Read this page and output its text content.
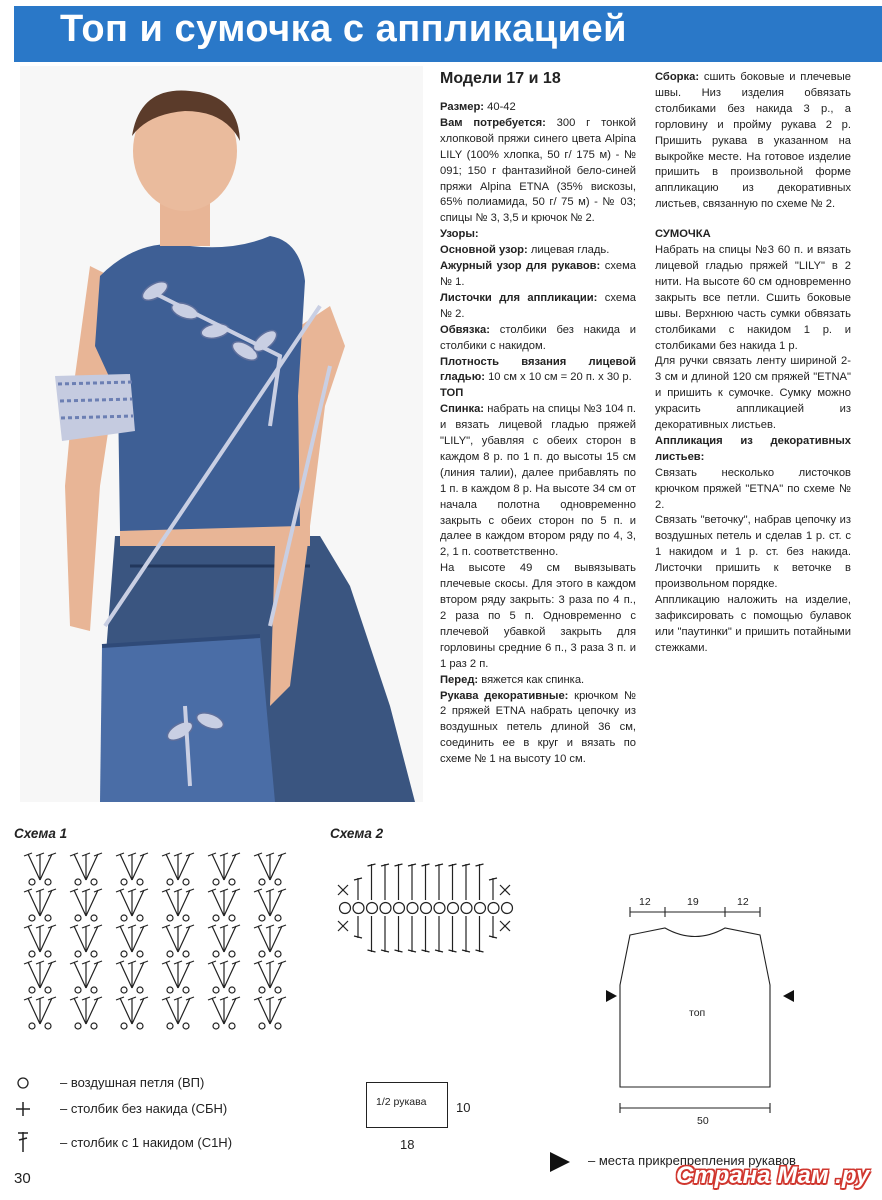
Топ и сумочка с аппликацией
Модели 17 и 18

Размер: 40-42

Вам потребуется: 300 г тонкой хлопковой пряжи синего цвета Alpina LILY (100% хлопка, 50 г/ 175 м) - № 091; 150 г фантазийной бело-синей пряжи Alpina ETNA (35% вискозы, 65% полиамида, 50 г/ 75 м) - № 03; спицы № 3, 3,5 и крючок № 2.

Узоры:

Основной узор: лицевая гладь.

Ажурный узор для рукавов: схема № 1.

Листочки для аппликации: схема № 2.

Обвязка: столбики без накида и столбики с накидом.

Плотность вязания лицевой гладью: 10 см х 10 см = 20 п. х 30 р.

ТОП

Спинка: набрать на спицы №3 104 п. и вязать лицевой гладью пряжей "LILY", убавляя с обеих сторон в каждом 8 р. по 1 п. до высоты 15 см (линия талии), далее прибавлять по 1 п. в каждом 8 р. На высоте 34 см от начала полотна одновременно закрыть с обеих сторон по 5 п. и далее в каждом втором ряду по 4, 3, 2, 1 п. соответственно.

На высоте 49 см вывязывать плечевые скосы. Для этого в каждом втором ряду закрыть: 3 раза по 4 п., 2 раза по 5 п. Одновременно с плечевой убавкой закрыть для горловины средние 6 п., 3 раза 3 п. и 1 раз 2 п.

Перед: вяжется как спинка.

Рукава декоративные: крючком № 2 пряжей ETNA набрать цепочку из воздушных петель длиной 36 см, соединить ее в круг и вязать по схеме № 1 на высоту 10 см.

Сборка: сшить боковые и плечевые швы. Низ изделия обвязать столбиками без накида 3 р., а горловину и пройму рукава 2 р. Пришить рукава в указанном на выкройке месте. На готовое изделие пришить в произвольной форме аппликацию из декоративных листьев, связанную по схеме № 2.

СУМОЧКА

Набрать на спицы №3 60 п. и вязать лицевой гладью пряжей "LILY" в 2 нити. На высоте 60 см одновременно закрыть все петли. Сшить боковые швы. Верхнюю часть сумки обвязать столбиками с накидом 1 р. и столбиками без накида 1 р.

Для ручки связать ленту шириной 2-3 см и длиной 120 см пряжей "ETNA" и пришить к сумочке. Сумку можно украсить аппликацией из декоративных листьев.

Аппликация из декоративных листьев:

Связать несколько листочков крючком пряжей "ETNA" по схеме № 2.

Связать "веточку", набрав цепочку из воздушных петель и сделав 1 р. ст. с 1 накидом и 1 р. ст. без накида. Листочки пришить к веточке в произвольном порядке.

Аппликацию наложить на изделие, зафиксировать с помощью булавок или "паутинки" и пришить потайными стежками.

Схема 1	Схема 2
12	19	12
топ
50
1/2 рукава 10
18
– воздушная петля (ВП)
– столбик без накида (СБН)
– столбик с 1 накидом (С1Н)
– места прикрепрепления рукавов
30	Страна Мам .ру
